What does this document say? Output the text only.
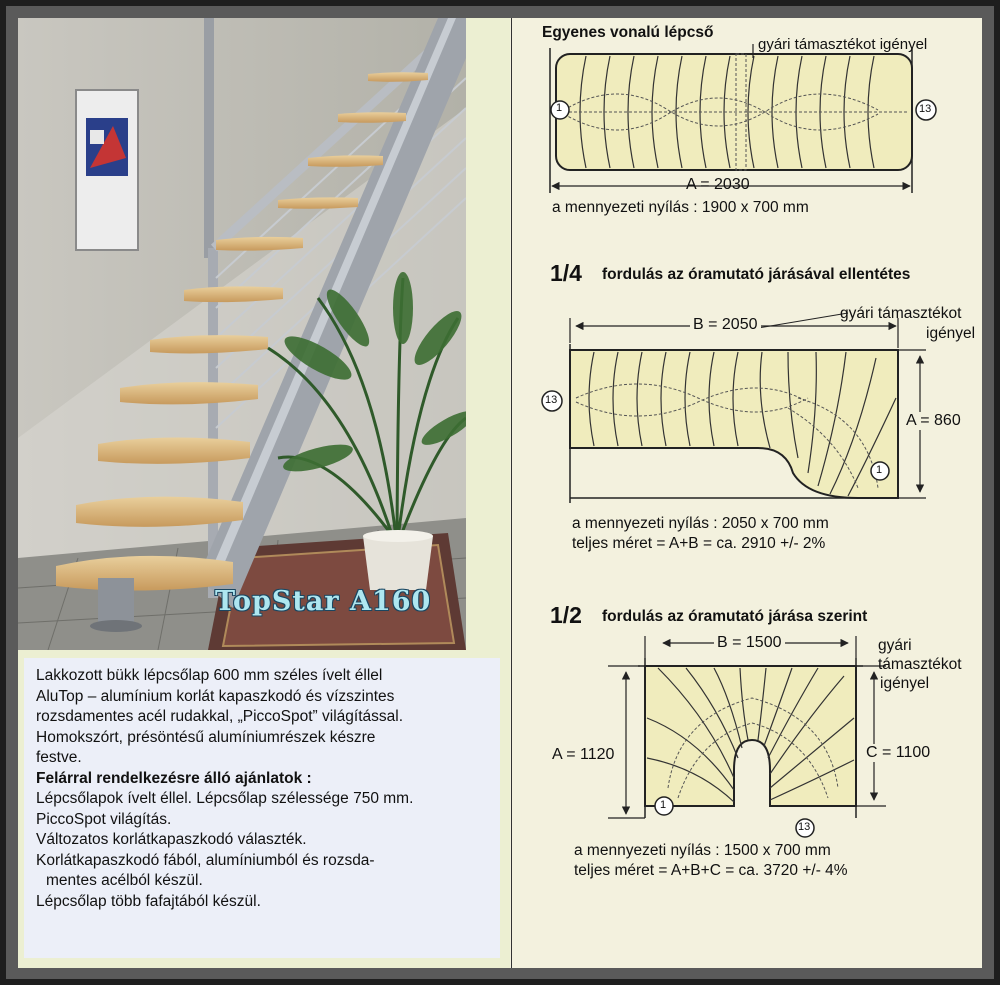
TopStar A160
Lakkozott bükk lépcsőlap 600 mm széles ívelt éllel
AluTop – alumínium korlát kapaszkodó és vízszintes
rozsdamentes acél rudakkal, „PiccoSpot” világítással.
Homokszórt, présöntésű alumíniumrészek készre
festve.
Felárral rendelkezésre álló ajánlatok :
Lépcsőlapok ívelt éllel. Lépcsőlap szélessége 750 mm.
PiccoSpot világítás.
Változatos korlátkapaszkodó választék.
Korlátkapaszkodó fából, alumíniumból és rozsda-
mentes acélból készül.
Lépcsőlap több fafajtából készül.
Egyenes vonalú lépcső
gyári támasztékot igényel
1	13
A = 2030
a mennyezeti nyílás : 1900 x 700 mm
1/4 fordulás az óramutató járásával ellentétes
gyári támasztékot
igényel
B = 2050
A = 860
1
13
a mennyezeti nyílás : 2050 x 700 mm
teljes méret = A+B = ca. 2910 +/- 2%
1/2 fordulás az óramutató járása szerint
B = 1500	gyári
támasztékot
igényel
A = 1120	C = 1100
1
13
a mennyezeti nyílás : 1500 x 700 mm
teljes méret = A+B+C = ca. 3720 +/- 4%
